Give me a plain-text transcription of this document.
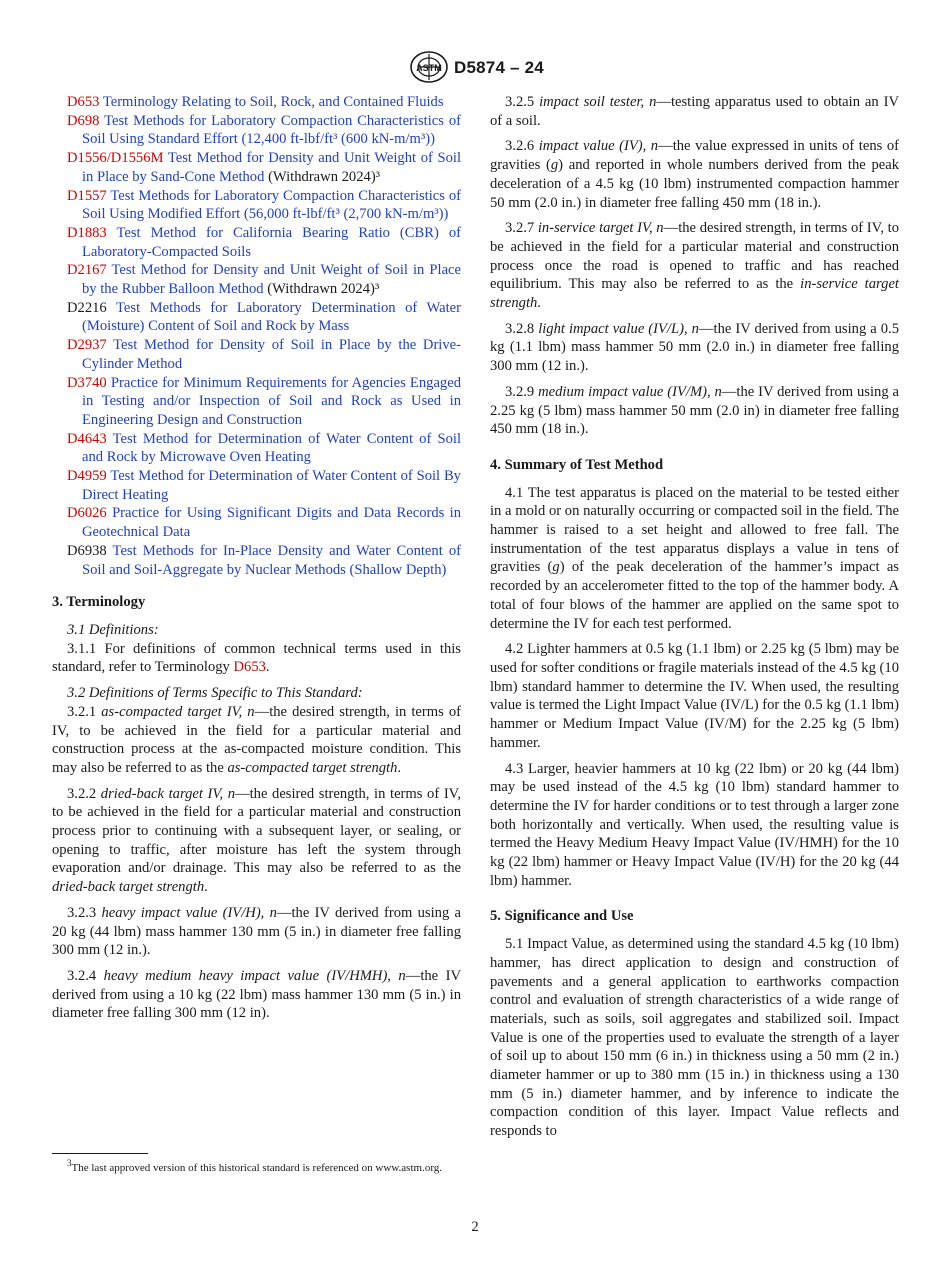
ASTM D5874 – 24

D653 Terminology Relating to Soil, Rock, and Contained Fluids

D698 Test Methods for Laboratory Compaction Characteristics of Soil Using Standard Effort (12,400 ft-lbf/ft³ (600 kN-m/m³))

D1556/D1556M Test Method for Density and Unit Weight of Soil in Place by Sand-Cone Method (Withdrawn 2024)³

D1557 Test Methods for Laboratory Compaction Characteristics of Soil Using Modified Effort (56,000 ft-lbf/ft³ (2,700 kN-m/m³))

D1883 Test Method for California Bearing Ratio (CBR) of Laboratory-Compacted Soils

D2167 Test Method for Density and Unit Weight of Soil in Place by the Rubber Balloon Method (Withdrawn 2024)³

D2216 Test Methods for Laboratory Determination of Water (Moisture) Content of Soil and Rock by Mass

D2937 Test Method for Density of Soil in Place by the Drive-Cylinder Method

D3740 Practice for Minimum Requirements for Agencies Engaged in Testing and/or Inspection of Soil and Rock as Used in Engineering Design and Construction

D4643 Test Method for Determination of Water Content of Soil and Rock by Microwave Oven Heating

D4959 Test Method for Determination of Water Content of Soil By Direct Heating

D6026 Practice for Using Significant Digits and Data Records in Geotechnical Data

D6938 Test Methods for In-Place Density and Water Content of Soil and Soil-Aggregate by Nuclear Methods (Shallow Depth)

3. Terminology

3.1 Definitions:

3.1.1 For definitions of common technical terms used in this standard, refer to Terminology D653.

3.2 Definitions of Terms Specific to This Standard:

3.2.1 as-compacted target IV, n—the desired strength, in terms of IV, to be achieved in the field for a particular material and construction process at the as-compacted moisture condition. This may also be referred to as the as-compacted target strength.

3.2.2 dried-back target IV, n—the desired strength, in terms of IV, to be achieved in the field for a particular material and construction process prior to continuing with a subsequent layer, or sealing, or opening to traffic, after moisture has left the system through evaporation and/or drainage. This may also be referred to as the dried-back target strength.

3.2.3 heavy impact value (IV/H), n—the IV derived from using a 20 kg (44 lbm) mass hammer 130 mm (5 in.) in diameter free falling 300 mm (12 in.).

3.2.4 heavy medium heavy impact value (IV/HMH), n—the IV derived from using a 10 kg (22 lbm) mass hammer 130 mm (5 in.) in diameter free falling 300 mm (12 in).

3.2.5 impact soil tester, n—testing apparatus used to obtain an IV of a soil.

3.2.6 impact value (IV), n—the value expressed in units of tens of gravities (g) and reported in whole numbers derived from the peak deceleration of a 4.5 kg (10 lbm) instrumented compaction hammer 50 mm (2.0 in.) in diameter free falling 450 mm (18 in.).

3.2.7 in-service target IV, n—the desired strength, in terms of IV, to be achieved in the field for a particular material and construction process once the road is opened to traffic and has reached equilibrium. This may also be referred to as the in-service target strength.

3.2.8 light impact value (IV/L), n—the IV derived from using a 0.5 kg (1.1 lbm) mass hammer 50 mm (2.0 in.) in diameter free falling 300 mm (12 in.).

3.2.9 medium impact value (IV/M), n—the IV derived from using a 2.25 kg (5 lbm) mass hammer 50 mm (2.0 in) in diameter free falling 450 mm (18 in.).

4. Summary of Test Method

4.1 The test apparatus is placed on the material to be tested either in a mold or on naturally occurring or compacted soil in the field. The hammer is raised to a set height and allowed to free fall. The instrumentation of the test apparatus displays a value in tens of gravities (g) of the peak deceleration of the hammer’s impact as recorded by an accelerometer fitted to the top of the hammer body. A total of four blows of the hammer are applied on the same spot to determine the IV for each test performed.

4.2 Lighter hammers at 0.5 kg (1.1 lbm) or 2.25 kg (5 lbm) may be used for softer conditions or fragile materials instead of the 4.5 kg (10 lbm) standard hammer to determine the IV. When used, the resulting value is termed the Light Impact Value (IV/L) for the 0.5 kg (1.1 lbm) hammer or Medium Impact Value (IV/M) for the 2.25 kg (5 lbm) hammer.

4.3 Larger, heavier hammers at 10 kg (22 lbm) or 20 kg (44 lbm) may be used instead of the 4.5 kg (10 lbm) standard hammer to determine the IV for harder conditions or to test through a larger zone both horizontally and vertically. When used, the resulting value is termed the Heavy Medium Heavy Impact Value (IV/HMH) for the 10 kg (22 lbm) hammer or Heavy Impact Value (IV/H) for the 20 kg (44 lbm) hammer.

5. Significance and Use

5.1 Impact Value, as determined using the standard 4.5 kg (10 lbm) hammer, has direct application to design and construction of pavements and a general application to earthworks compaction control and evaluation of strength characteristics of a wide range of materials, such as soils, soil aggregates and stabilized soil. Impact Value is one of the properties used to evaluate the strength of a layer of soil up to about 150 mm (6 in.) in thickness using a 50 mm (2 in.) diameter hammer or up to 380 mm (15 in.) in thickness using a 130 mm (5 in.) diameter hammer, and by inference to indicate the compaction condition of this layer. Impact Value reflects and responds to

$^3$The last approved version of this historical standard is referenced on www.astm.org.
2
